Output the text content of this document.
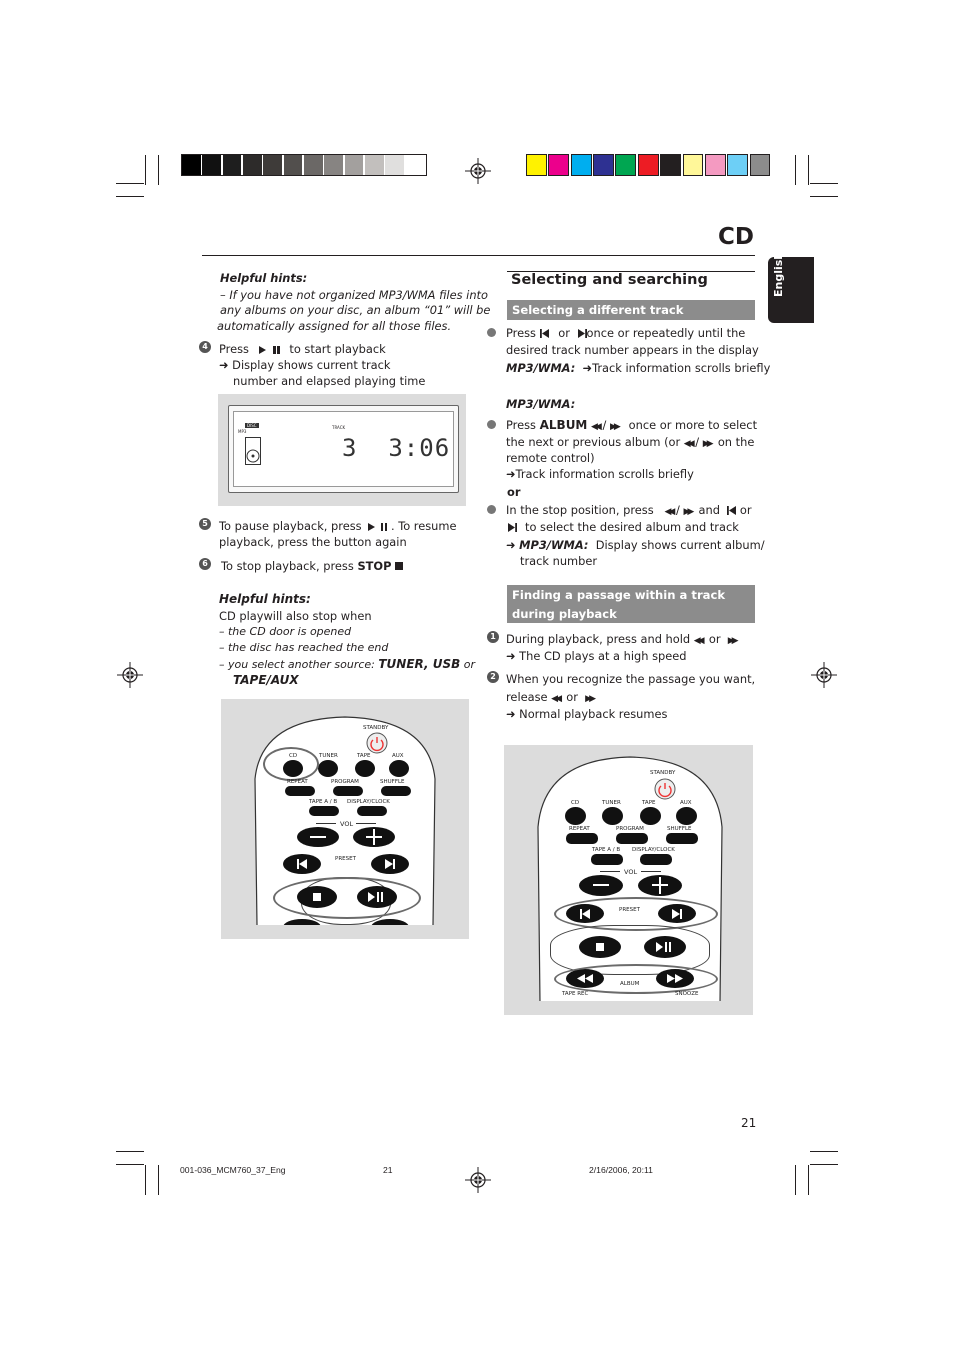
CD
English
Helpful hints:
– If you have not organized MP3/WMA files into
any albums on your disc, an album “01” will be
automatically assigned for all those files.
4 Press	to start playback
➜ Display shows current track
number and elapsed playing time
DISC
MP3
TRACK
3  3:06
5 To pause playback, press	. To resume
playback, press the button again
6 To stop playback, press STOP
Helpful hints:
CD playwill also stop when
– the CD door is opened
– the disc has reached the end
– you select another source: TUNER, USB or
TAPE/AUX
STANDBY
CD	TUNER	TAPE	AUX
REPEAT	PROGRAM	SHUFFLE
TAPE A / B DISPLAY/CLOCK
VOL
PRESET
Selecting and searching
Selecting a different track
Press or once or repeatedly until the
desired track number appears in the display
MP3/WMA:  ➜Track information scrolls briefly
MP3/WMA:
Press ALBUM ◀◀ / ▶▶ once or more to select
the next or previous album (or ◀◀ / ▶▶ on the
remote control)
➜Track information scrolls briefly
or
In the stop position, press ◀◀ / ▶▶ and or
to select the desired album and track
➜ MP3/WMA: Display shows current album/
track number
Finding a passage within a track
during playback
1 During playback, press and hold ◀◀ or ▶▶
➜ The CD plays at a high speed
2 When you recognize the passage you want,
release ◀◀ or ▶▶
➜ Normal playback resumes
STANDBY
CD	TUNER	TAPE	AUX
REPEAT	PROGRAM	SHUFFLE
TAPE A / B DISPLAY/CLOCK
VOL
PRESET
ALBUM
TAPE REC	SNOOZE
21
001-036_MCM760_37_Eng	21	2/16/2006, 20:11
